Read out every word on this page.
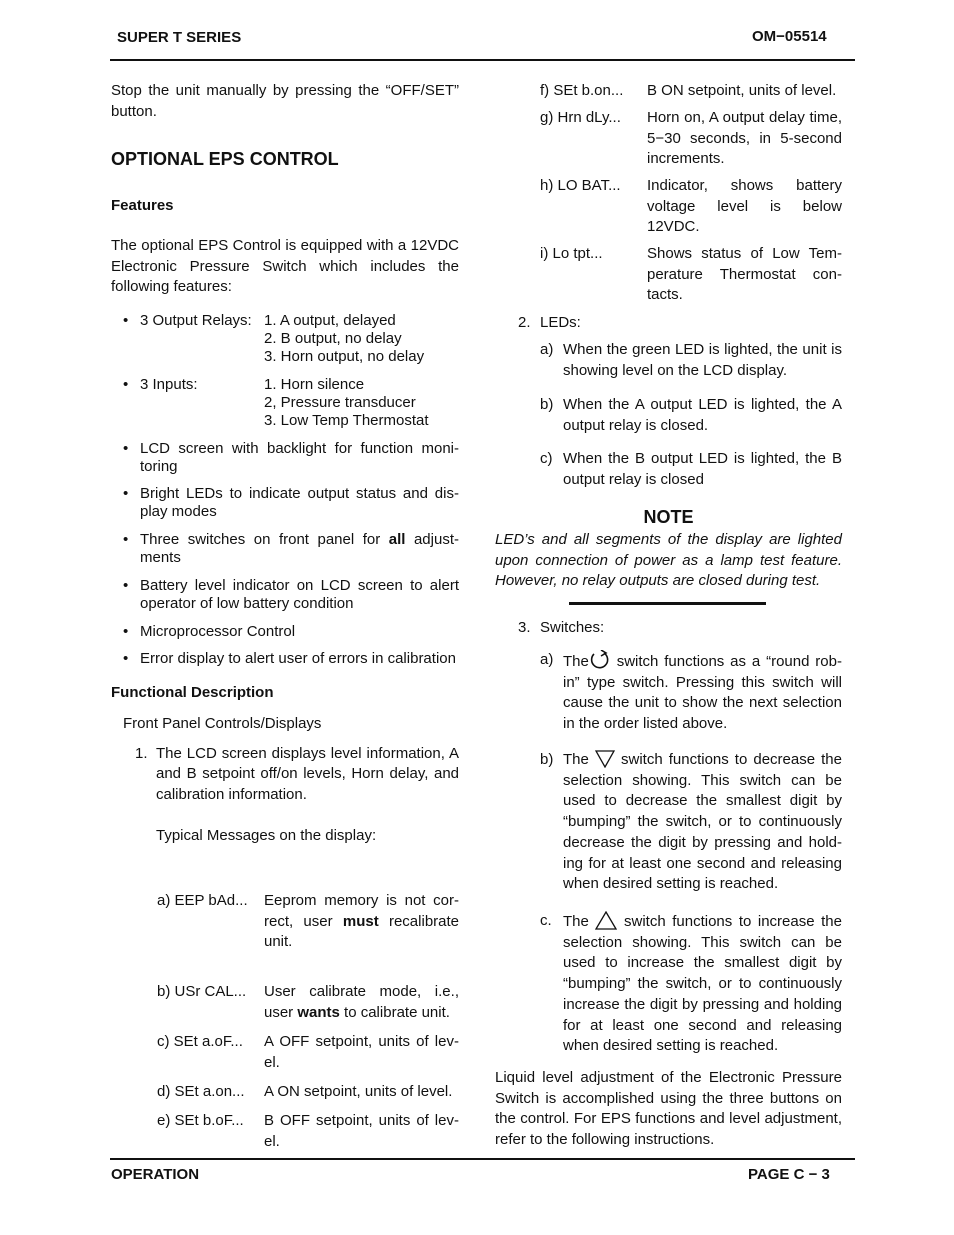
SUPER T SERIES	OM−05514

Stop the unit manually by pressing the “OFF/SET” button.

OPTIONAL EPS CONTROL
Features

The optional EPS Control is equipped with a 12VDC Electronic Pressure Switch which includes the following features:

• 3 Output Relays: 1. A output, delayed
2. B output, no delay
3. Horn output, no delay
• 3 Inputs:	1. Horn silence
2, Pressure transducer
3. Low Temp Thermostat
• LCD screen with backlight for function monitoring

• Bright LEDs to indicate output status and display modes

• Three switches on front panel for all adjustments

• Battery level indicator on LCD screen to alert operator of low battery condition

• Microprocessor Control

• Error display to alert user of errors in calibration

Functional Description
Front Panel Controls/Displays
1. The LCD screen displays level information, A and B setpoint off/on levels, Horn delay, and calibration information.

Typical Messages on the display:
a) EEP bAd... Eeprom memory is not correct, user must recalibrate unit.

b) USr CAL... User calibrate mode, i.e., user wants to calibrate unit.

c) SEt a.oF... A OFF setpoint, units of level.

d) SEt a.on... A ON setpoint, units of level.

e) SEt b.oF... B OFF setpoint, units of level.

f) SEt b.on... B ON setpoint, units of level.

g) Hrn dLy... Horn on, A output delay time, 5−30 seconds, in 5-second increments.

h) LO BAT... Indicator, shows battery voltage level is below 12VDC.

i) Lo tpt...	Shows status of Low Temperature Thermostat contacts.

2. LEDs:
a) When the green LED is lighted, the unit is showing level on the LCD display.

b) When the A output LED is lighted, the A output relay is closed.

c) When the B output LED is lighted, the B output relay is closed

NOTE

LED’s and all segments of the display are lighted upon connection of power as a lamp test feature. However, no relay outputs are closed during test.

3. Switches:
a) The switch functions as a “round robin” type switch. Pressing this switch will cause the unit to show the next selection in the order listed above.

b) The  switch functions to decrease the selection showing. This switch can be used to decrease the smallest digit by “bumping” the switch, or to continuously decrease the digit by pressing and holding for at least one second and releasing when desired setting is reached.

c. The  switch functions to increase the selection showing. This switch can be used to increase the smallest digit by “bumping” the switch, or to continuously increase the digit by pressing and holding for at least one second and releasing when desired setting is reached.

Liquid level adjustment of the Electronic Pressure Switch is accomplished using the three buttons on the control. For EPS functions and level adjustment, refer to the following instructions.

OPERATION	PAGE C − 3
